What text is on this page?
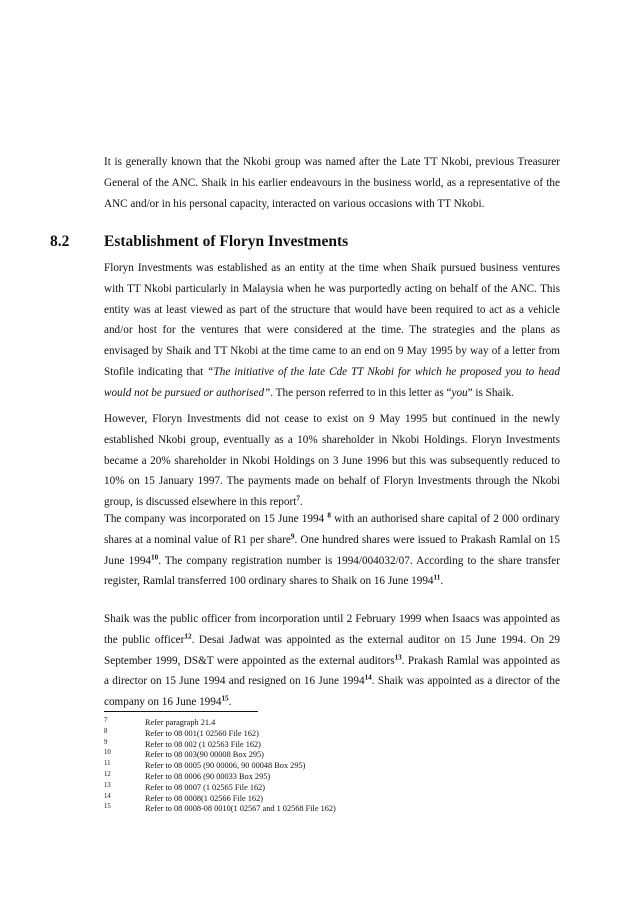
It is generally known that the Nkobi group was named after the Late TT Nkobi, previous Treasurer General of the ANC. Shaik in his earlier endeavours in the business world, as a representative of the ANC and/or in his personal capacity, interacted on various occasions with TT Nkobi.

8.2 Establishment of Floryn Investments

Floryn Investments was established as an entity at the time when Shaik pursued business ventures with TT Nkobi particularly in Malaysia when he was purportedly acting on behalf of the ANC. This entity was at least viewed as part of the structure that would have been required to act as a vehicle and/or host for the ventures that were considered at the time. The strategies and the plans as envisaged by Shaik and TT Nkobi at the time came to an end on 9 May 1995 by way of a letter from Stofile indicating that “The initiative of the late Cde TT Nkobi for which he proposed you to head would not be pursued or authorised”. The person referred to in this letter as “you” is Shaik.

However, Floryn Investments did not cease to exist on 9 May 1995 but continued in the newly established Nkobi group, eventually as a 10% shareholder in Nkobi Holdings. Floryn Investments became a 20% shareholder in Nkobi Holdings on 3 June 1996 but this was subsequently reduced to 10% on 15 January 1997. The payments made on behalf of Floryn Investments through the Nkobi group, is discussed elsewhere in this report$^7$.

The company was incorporated on 15 June 1994 $^8$ with an authorised share capital of 2 000 ordinary shares at a nominal value of R1 per share$^9$. One hundred shares were issued to Prakash Ramlal on 15 June 1994$^{10}$. The company registration number is 1994/004032/07. According to the share transfer register, Ramlal transferred 100 ordinary shares to Shaik on 16 June 1994$^{11}$.

Shaik was the public officer from incorporation until 2 February 1999 when Isaacs was appointed as the public officer$^{12}$. Desai Jadwat was appointed as the external auditor on 15 June 1994. On 29 September 1999, DS&T were appointed as the external auditors$^{13}$. Prakash Ramlal was appointed as a director on 15 June 1994 and resigned on 16 June 1994$^{14}$. Shaik was appointed as a director of the company on 16 June 1994$^{15}$.

7	Refer paragraph 21.4
8	Refer to 08 001(1 02560 File 162)
9	Refer to 08 002 (1 02563 File 162)
10	Refer to 08 003(90 00008 Box 295)
11	Refer to 08 0005 (90 00006, 90 00048 Box 295)
12	Refer to 08 0006 (90 00033 Box 295)
13	Refer to 08 0007 (1 02565 File 162)
14	Refer to 08 0008(1 02566 File 162)
15	Refer to 08 0008-08 0010(1 02567 and 1 02568 File 162)
